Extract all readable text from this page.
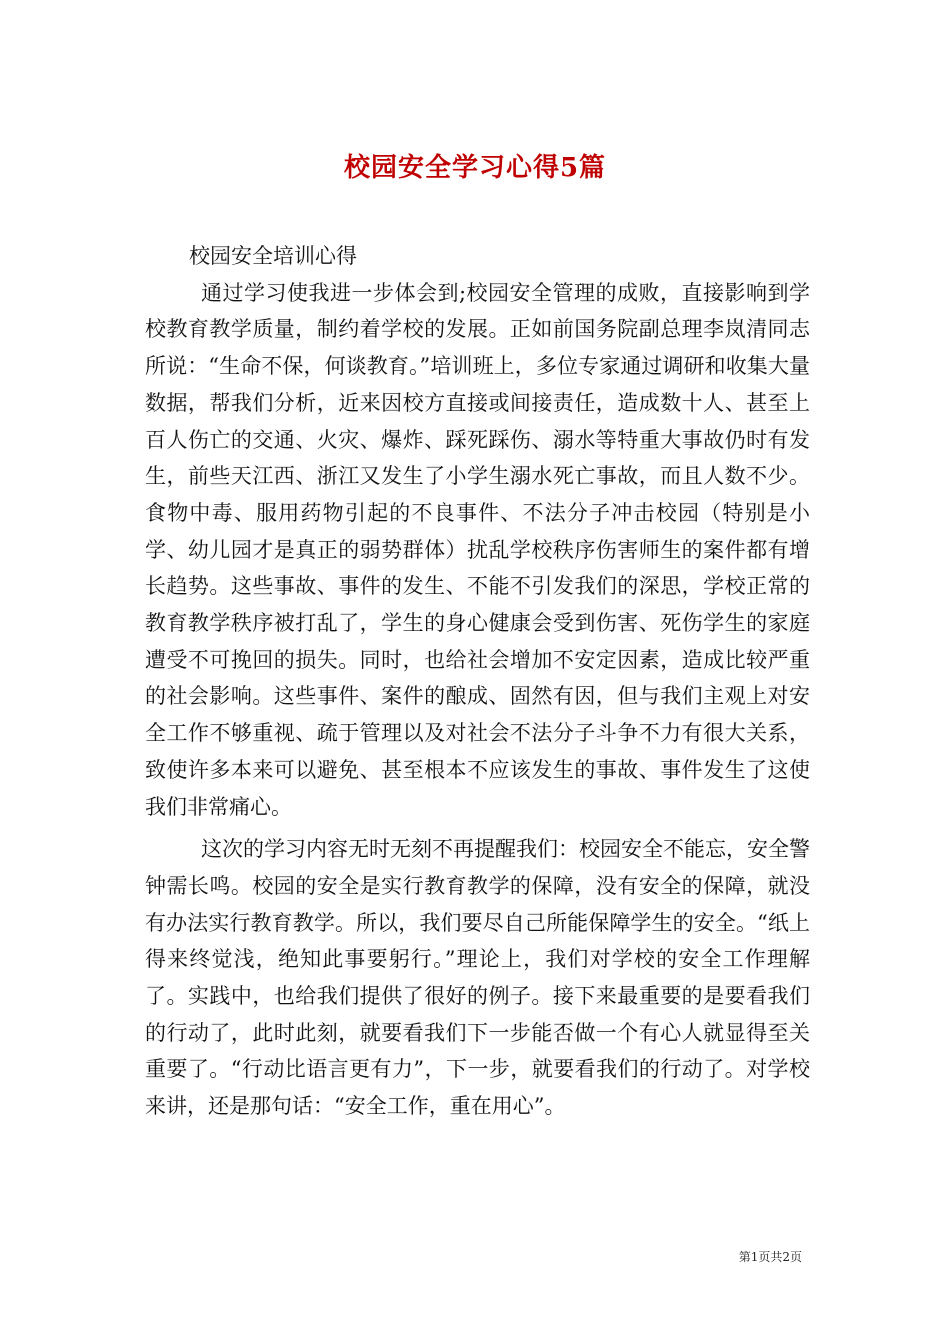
校园安全学习心得5篇

校园安全培训心得

通过学习使我进一步体会到;校园安全管理的成败，直接影响到学校教育教学质量，制约着学校的发展。正如前国务院副总理李岚清同志所说：“生命不保，何谈教育。”培训班上，多位专家通过调研和收集大量数据，帮我们分析，近来因校方直接或间接责任，造成数十人、甚至上百人伤亡的交通、火灾、爆炸、踩死踩伤、溺水等特重大事故仍时有发生，前些天江西、浙江又发生了小学生溺水死亡事故，而且人数不少。食物中毒、服用药物引起的不良事件、不法分子冲击校园（特别是小学、幼儿园才是真正的弱势群体）扰乱学校秩序伤害师生的案件都有增长趋势。这些事故、事件的发生、不能不引发我们的深思，学校正常的教育教学秩序被打乱了，学生的身心健康会受到伤害、死伤学生的家庭遭受不可挽回的损失。同时，也给社会增加不安定因素，造成比较严重的社会影响。这些事件、案件的酿成、固然有因，但与我们主观上对安全工作不够重视、疏于管理以及对社会不法分子斗争不力有很大关系，致使许多本来可以避免、甚至根本不应该发生的事故、事件发生了这使我们非常痛心。

这次的学习内容无时无刻不再提醒我们：校园安全不能忘，安全警钟需长鸣。校园的安全是实行教育教学的保障，没有安全的保障，就没有办法实行教育教学。所以，我们要尽自己所能保障学生的安全。“纸上得来终觉浅，绝知此事要躬行。”理论上，我们对学校的安全工作理解了。实践中，也给我们提供了很好的例子。接下来最重要的是要看我们的行动了，此时此刻，就要看我们下一步能否做一个有心人就显得至关重要了。“行动比语言更有力”，下一步，就要看我们的行动了。对学校来讲，还是那句话：“安全工作，重在用心”。

第1页共2页
